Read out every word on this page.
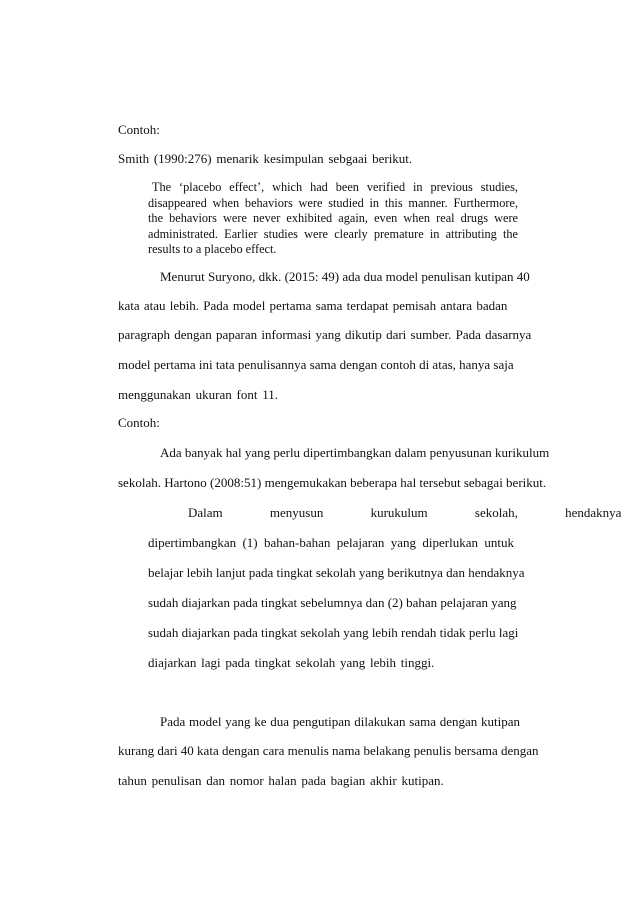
Contoh:
Smith (1990:276) menarik kesimpulan sebgaai berikut.
The ‘placebo effect’, which had been verified in previous studies,
disappeared when behaviors were studied in this manner. Furthermore,
the behaviors were never exhibited again, even when real drugs were
administrated. Earlier studies were clearly premature in attributing the
results to a placebo effect.
Menurut Suryono, dkk. (2015: 49) ada dua model penulisan kutipan 40
kata atau lebih. Pada model pertama sama terdapat pemisah antara badan
paragraph dengan paparan informasi yang dikutip dari sumber. Pada dasarnya
model pertama ini tata penulisannya sama dengan contoh di atas, hanya saja
menggunakan ukuran font 11.
Contoh:
Ada banyak hal yang perlu dipertimbangkan dalam penyusunan kurikulum
sekolah. Hartono (2008:51) mengemukakan beberapa hal tersebut sebagai berikut.
Dalam menyusun kurukulum sekolah, hendaknya
dipertimbangkan (1) bahan-bahan pelajaran yang diperlukan untuk
belajar lebih lanjut pada tingkat sekolah yang berikutnya dan hendaknya
sudah diajarkan pada tingkat sebelumnya dan (2) bahan pelajaran yang
sudah diajarkan pada tingkat sekolah yang lebih rendah tidak perlu lagi
diajarkan lagi pada tingkat sekolah yang lebih tinggi.
Pada model yang ke dua pengutipan dilakukan sama dengan kutipan
kurang dari 40 kata dengan cara menulis nama belakang penulis bersama dengan
tahun penulisan dan nomor halan pada bagian akhir kutipan.
